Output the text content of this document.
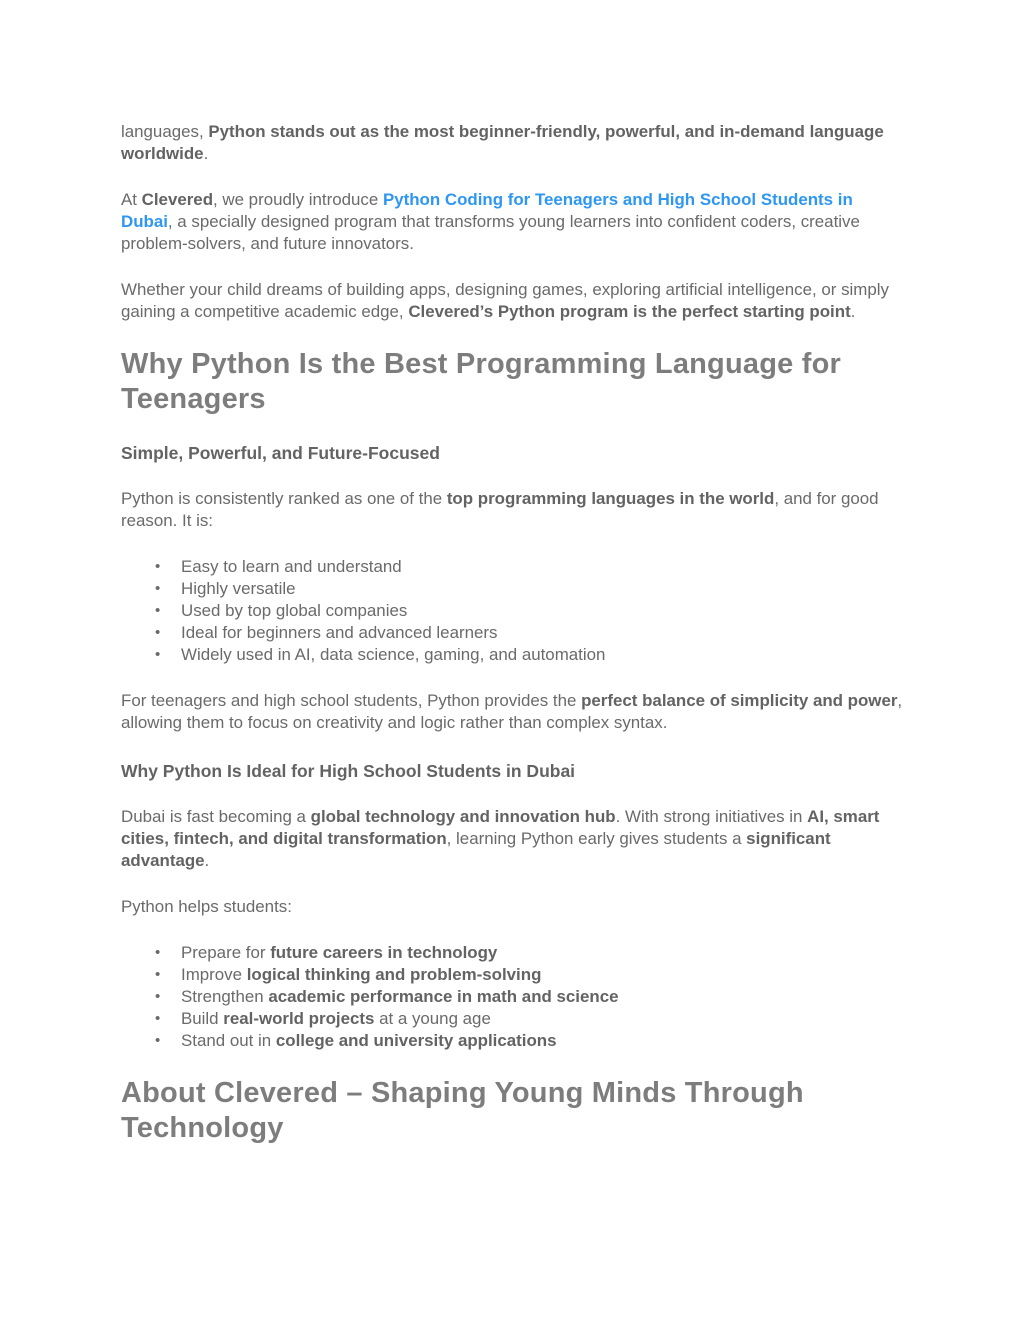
languages, Python stands out as the most beginner-friendly, powerful, and in-demand language worldwide.

At Clevered, we proudly introduce Python Coding for Teenagers and High School Students in Dubai, a specially designed program that transforms young learners into confident coders, creative problem-solvers, and future innovators.

Whether your child dreams of building apps, designing games, exploring artificial intelligence, or simply gaining a competitive academic edge, Clevered’s Python program is the perfect starting point.

Why Python Is the Best Programming Language for Teenagers
Simple, Powerful, and Future-Focused

Python is consistently ranked as one of the top programming languages in the world, and for good reason. It is:

• Easy to learn and understand
• Highly versatile
• Used by top global companies
• Ideal for beginners and advanced learners
• Widely used in AI, data science, gaming, and automation

For teenagers and high school students, Python provides the perfect balance of simplicity and power, allowing them to focus on creativity and logic rather than complex syntax.

Why Python Is Ideal for High School Students in Dubai

Dubai is fast becoming a global technology and innovation hub. With strong initiatives in AI, smart cities, fintech, and digital transformation, learning Python early gives students a significant advantage.

Python helps students:

• Prepare for future careers in technology
• Improve logical thinking and problem-solving
• Strengthen academic performance in math and science
• Build real-world projects at a young age
• Stand out in college and university applications
About Clevered – Shaping Young Minds Through Technology
